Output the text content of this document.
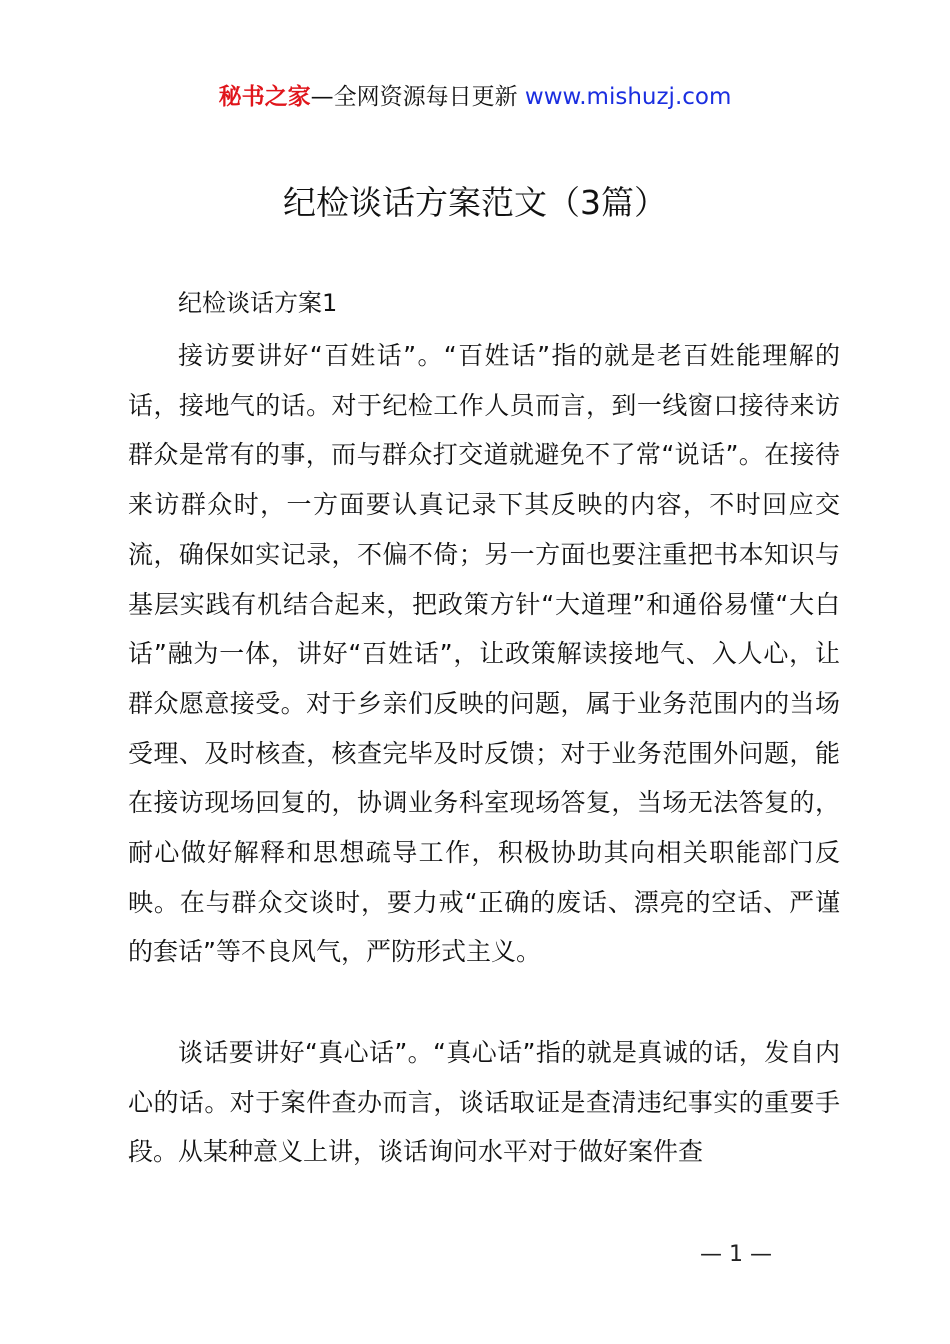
秘书之家—全网资源每日更新 www.mishuzj.com
纪检谈话方案范文（3篇）
纪检谈话方案1

接访要讲好“百姓话”。“百姓话”指的就是老百姓能理解的话，接地气的话。对于纪检工作人员而言，到一线窗口接待来访群众是常有的事，而与群众打交道就避免不了常“说话”。在接待来访群众时，一方面要认真记录下其反映的内容，不时回应交流，确保如实记录，不偏不倚；另一方面也要注重把书本知识与基层实践有机结合起来，把政策方针“大道理”和通俗易懂“大白话”融为一体，讲好“百姓话”，让政策解读接地气、入人心，让群众愿意接受。对于乡亲们反映的问题，属于业务范围内的当场受理、及时核查，核查完毕及时反馈；对于业务范围外问题，能在接访现场回复的，协调业务科室现场答复，当场无法答复的，耐心做好解释和思想疏导工作，积极协助其向相关职能部门反映。在与群众交谈时，要力戒“正确的废话、漂亮的空话、严谨的套话”等不良风气，严防形式主义。

谈话要讲好“真心话”。“真心话”指的就是真诚的话，发自内心的话。对于案件查办而言，谈话取证是查清违纪事实的重要手段。从某种意义上讲，谈话询问水平对于做好案件查

— 1 —
